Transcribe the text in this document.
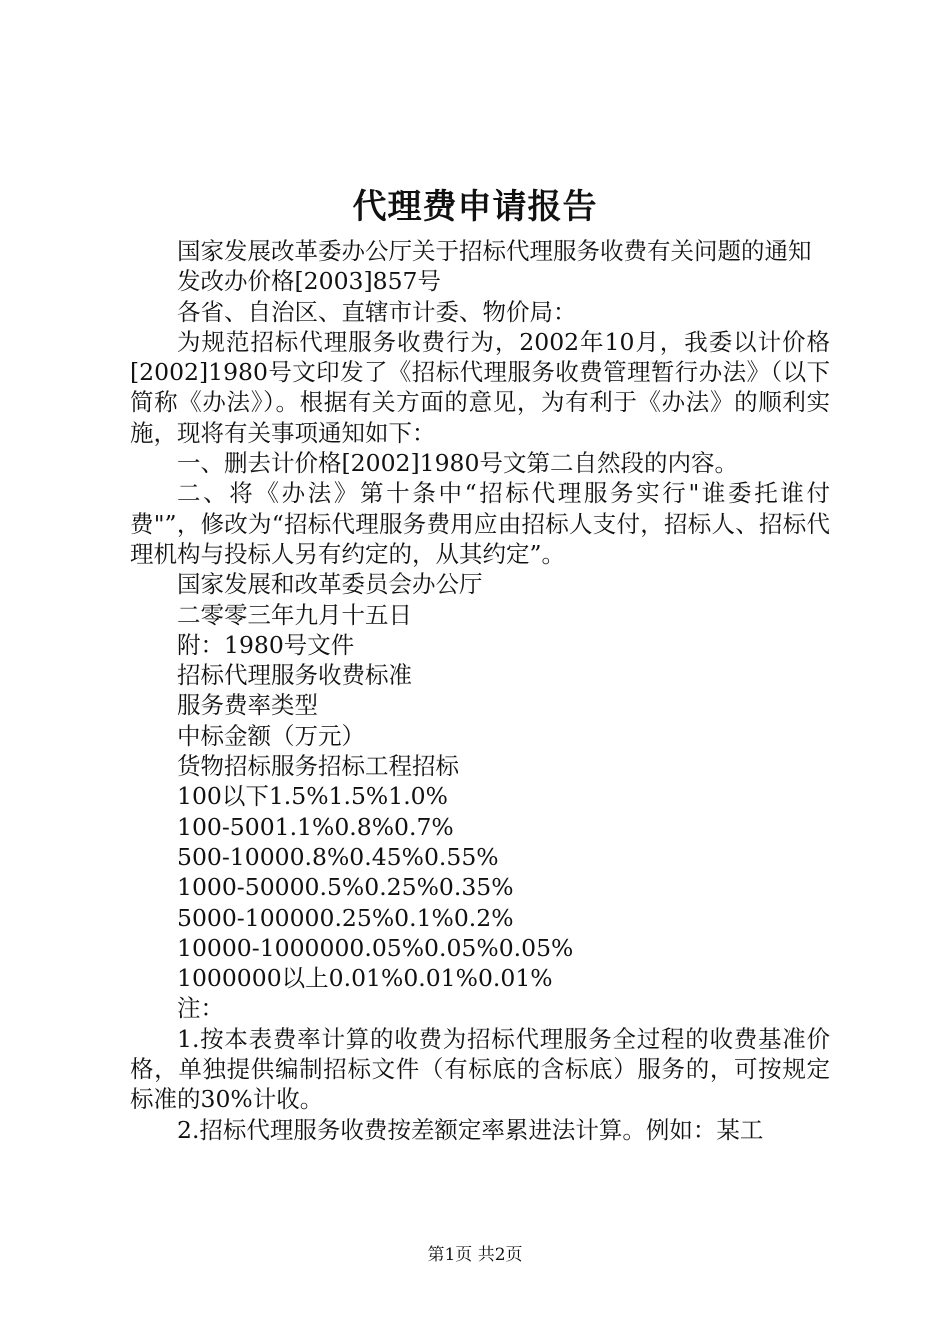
代理费申请报告

国家发展改革委办公厅关于招标代理服务收费有关问题的通知

发改办价格[2003]857号

各省、自治区、直辖市计委、物价局：

为规范招标代理服务收费行为，2002年10月，我委以计价格[2002]1980号文印发了《招标代理服务收费管理暂行办法》（以下简称《办法》）。根据有关方面的意见，为有利于《办法》的顺利实施，现将有关事项通知如下：

一、删去计价格[2002]1980号文第二自然段的内容。

二、将《办法》第十条中“招标代理服务实行"谁委托谁付费"”，修改为“招标代理服务费用应由招标人支付，招标人、招标代理机构与投标人另有约定的，从其约定”。

国家发展和改革委员会办公厅

二零零三年九月十五日

附：1980号文件

招标代理服务收费标准

服务费率类型

中标金额（万元）

货物招标服务招标工程招标

100以下1.5%1.5%1.0%

100-5001.1%0.8%0.7%

500-10000.8%0.45%0.55%

1000-50000.5%0.25%0.35%

5000-100000.25%0.1%0.2%

10000-1000000.05%0.05%0.05%

1000000以上0.01%0.01%0.01%

注：

1.按本表费率计算的收费为招标代理服务全过程的收费基准价格，单独提供编制招标文件（有标底的含标底）服务的，可按规定标准的30%计收。

2.招标代理服务收费按差额定率累进法计算。例如：某工

第1页 共2页
